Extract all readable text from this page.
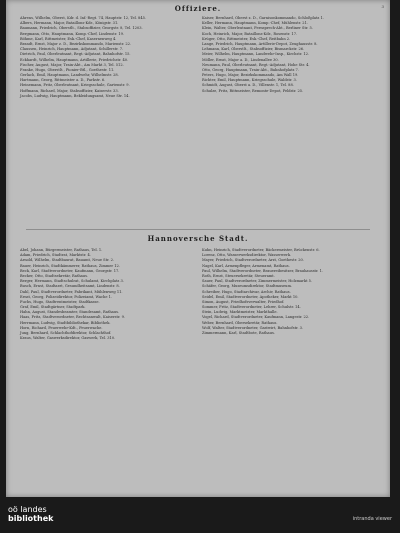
3
Offiziere.
Ahrens, Wilhelm, Oberst, Kdr. d. Inf.-Regt. 74, Hauptstr. 12, Tel. 845.
Albers, Hermann, Major, Bataillons-Kdr., Königstr. 31.
Baumann, Friedrich, Oberstlt., Stabsoffizier, Georgstr. 8, Tel. 1203.
Bergmann, Otto, Hauptmann, Komp.-Chef, Lindenstr. 19.
Böhme, Karl, Rittmeister, Esk.-Chef, Kasernenweg 4.
Brandt, Ernst, Major z. D., Bezirkskommando, Marienstr. 22.
Claussen, Heinrich, Hauptmann, Adjutant, Schillerstr. 7.
Dietrich, Paul, Oberleutnant, Regt.-Adjutant, Bahnhofstr. 15.
Eckhardt, Wilhelm, Hauptmann, Artillerie, Friedrichstr. 40.
Fischer, August, Major, Train-Abt., Am Markt 3, Tel. 512.
Franke, Hugo, Oberstlt., Pionier-Btl., Goethestr. 11.
Gerlach, Emil, Hauptmann, Landwehr, Wilhelmstr. 28.
Hartmann, Georg, Rittmeister a. D., Parkstr. 6.
Heinemann, Fritz, Oberleutnant, Kriegsschule, Gartenstr. 9.
Hoffmann, Richard, Major, Stabsoffizier, Kaiserstr. 33.
Jacobs, Ludwig, Hauptmann, Bekleidungsamt, Neue Str. 14.
Kaiser, Bernhard, Oberst z. D., Garnisonkommando, Schloßplatz 1.
Keller, Hermann, Hauptmann, Komp.-Chef, Mühlenstr. 21.
Klein, Walter, Oberleutnant, Fernsprech-Abt., Berliner Str. 5.
Koch, Heinrich, Major, Bataillons-Kdr., Rosenstr. 17.
Krüger, Otto, Rittmeister, Esk.-Chef, Reitbahn 2.
Lange, Friedrich, Hauptmann, Artillerie-Depot, Zeughausstr. 8.
Lehmann, Karl, Oberstlt., Stabsoffizier, Bismarckstr. 26.
Meier, Wilhelm, Hauptmann, Landwehr-Insp., Kirchstr. 12.
Möller, Ernst, Major a. D., Lindenallee 30.
Neumann, Paul, Oberleutnant, Regt.-Adjutant, Hohe Str. 4.
Otto, Georg, Hauptmann, Train-Abt., Bahnhofplatz 7.
Peters, Hugo, Major, Bezirkskommando, Am Wall 19.
Richter, Emil, Hauptmann, Kriegsschule, Waldstr. 3.
Schmidt, August, Oberst a. D., Villenstr. 1, Tel. 88.
Schulze, Fritz, Rittmeister, Remonte-Depot, Feldstr. 25.
Hannoversche Stadt.
Abel, Johann, Bürgermeister, Rathaus, Tel. 1.
Adam, Friedrich, Stadtrat, Marktstr. 4.
Arnold, Wilhelm, Stadtbaurat, Bauamt, Neue Str. 2.
Bauer, Heinrich, Stadtkämmerer, Rathaus, Zimmer 12.
Beck, Karl, Stadtverordneter, Kaufmann, Georgstr. 17.
Becker, Otto, Stadtsekretär, Rathaus.
Berger, Hermann, Stadtschulrat, Schulamt, Kirchplatz 3.
Busch, Ernst, Stadtarzt, Gesundheitsamt, Lindenstr. 8.
Dahl, Paul, Stadtverordneter, Fabrikant, Mühlenweg 11.
Ernst, Georg, Polizeidirektor, Polizeiamt, Wache 1.
Fuchs, Hugo, Stadtrentmeister, Stadtkasse.
Graf, Emil, Stadtgärtner, Stadtpark.
Hahn, August, Standesbeamter, Standesamt, Rathaus.
Haas, Fritz, Stadtverordneter, Rechtsanwalt, Kaiserstr. 9.
Herrmann, Ludwig, Stadtbibliothekar, Bibliothek.
Horn, Richard, Feuerwehr-Kdt., Feuerwache.
Jung, Bernhard, Schlachthofdirektor, Schlachthof.
Kraus, Walter, Gaswerksdirektor, Gaswerk, Tel. 310.
Kuhn, Heinrich, Stadtverordneter, Bäckermeister, Brückenstr. 6.
Lorenz, Otto, Wasserwerksdirektor, Wasserwerk.
Mayer, Friedrich, Stadtverordneter, Arzt, Goethestr. 20.
Nagel, Karl, Armenpfleger, Armenamt, Rathaus.
Paul, Wilhelm, Stadtverordneter, Brauereibesitzer, Brauhausstr. 1.
Roth, Ernst, Steuersekretär, Steueramt.
Sauer, Paul, Stadtverordneter, Zimmermeister, Holzmarkt 5.
Schäfer, Georg, Museumsdirektor, Stadtmuseum.
Schreiber, Hugo, Stadtarchivar, Archiv, Rathaus.
Seidel, Emil, Stadtverordneter, Apotheker, Markt 10.
Simon, August, Friedhofsverwalter, Friedhof.
Sommer, Fritz, Stadtverordneter, Lehrer, Schulstr. 14.
Stein, Ludwig, Marktmeister, Markthalle.
Vogel, Richard, Stadtverordneter, Kaufmann, Langestr. 22.
Weber, Bernhard, Obersekretär, Rathaus.
Wolf, Walter, Stadtverordneter, Gastwirt, Bahnhofstr. 3.
Zimmermann, Karl, Stadtbote, Rathaus.
oö landes
bibliothek	intranda viewer
